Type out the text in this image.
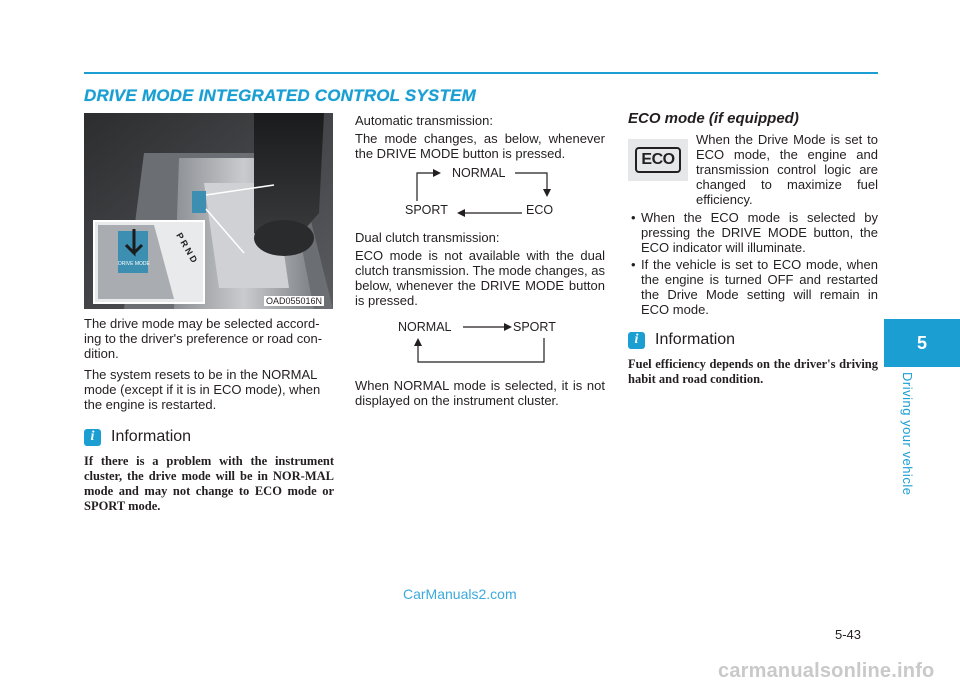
DRIVE MODE INTEGRATED CONTROL SYSTEM
DRIVE MODE	P R N D
OAD055016N

The drive mode may be selected accord-ing to the driver's preference or road con-dition.

The system resets to be in the NORMAL mode (except if it is in ECO mode), when the engine is restarted.

i	Information

If there is a problem with the instrument cluster, the drive mode will be in NOR-MAL mode and may not change to ECO mode or SPORT mode.

Automatic transmission:

The mode changes, as below, whenever the DRIVE MODE button is pressed.

NORMAL
SPORT	ECO

Dual clutch transmission:

ECO mode is not available with the dual clutch transmission. The mode changes, as below, whenever the DRIVE MODE button is pressed.

NORMAL	SPORT

When NORMAL mode is selected, it is not displayed on the instrument cluster.

ECO mode (if equipped)
ECO

When the Drive Mode is set to ECO mode, the engine and transmission control logic are changed to maximize fuel efficiency.

• When the ECO mode is selected by pressing the DRIVE MODE button, the ECO indicator will illuminate.
• If the vehicle is set to ECO mode, when the engine is turned OFF and restarted the Drive Mode setting will remain in ECO mode.
i	Information

Fuel efficiency depends on the driver's driving habit and road condition.

5
Driving your vehicle
5-43
CarManuals2.com
carmanualsonline.info
